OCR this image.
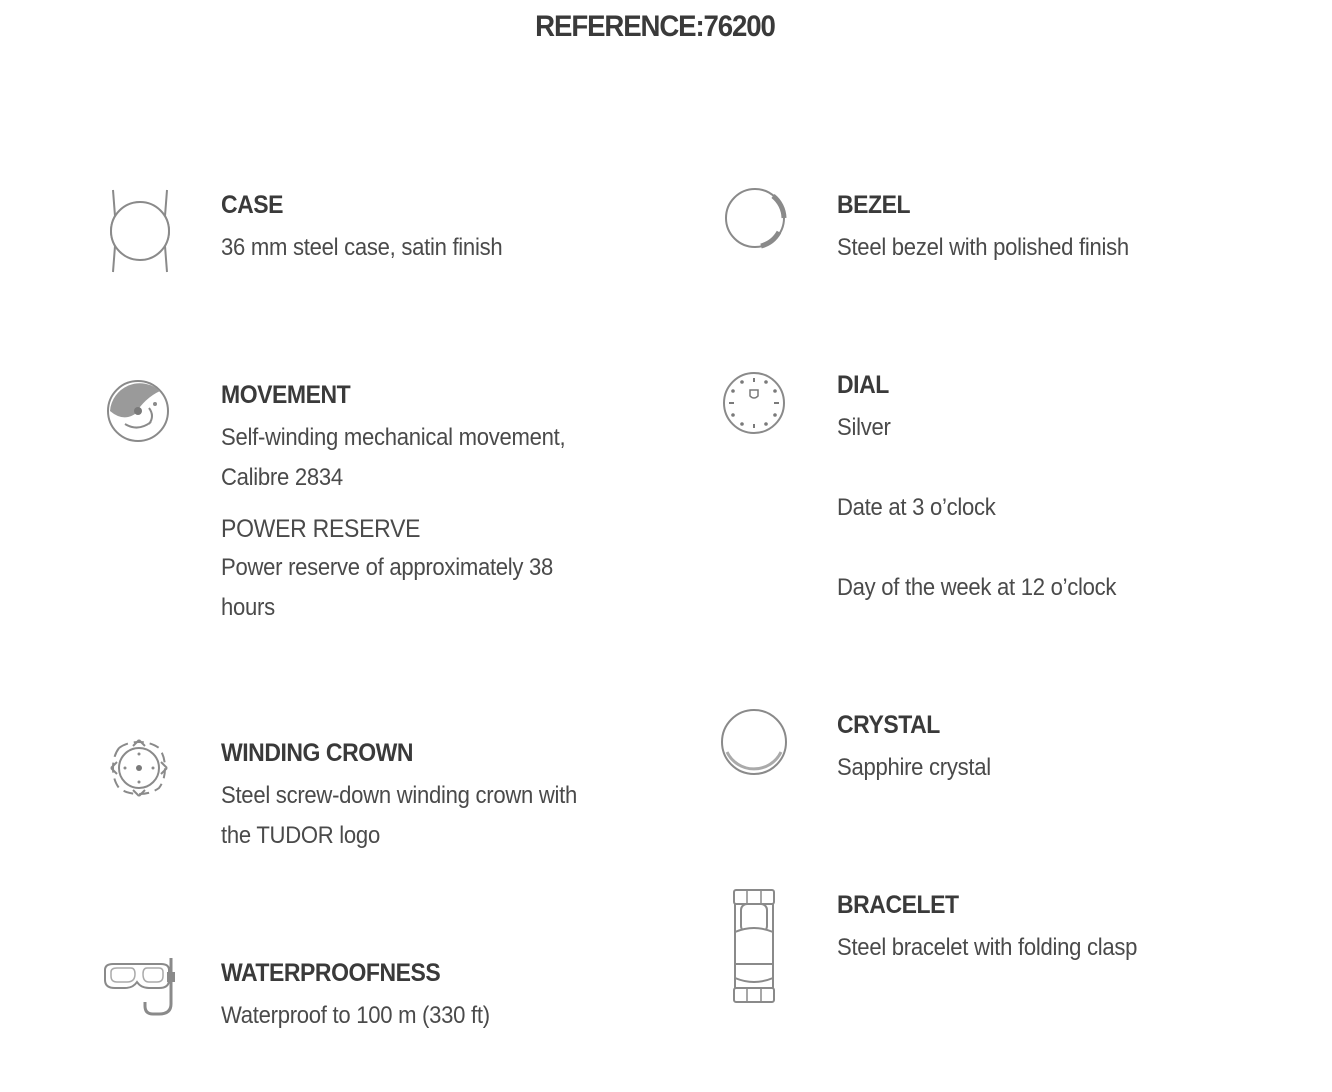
REFERENCE:76200
CASE

36 mm steel case, satin finish

BEZEL

Steel bezel with polished finish

MOVEMENT

Self-winding mechanical movement,
Calibre 2834

POWER RESERVE

Power reserve of approximately 38
hours

DIAL

Silver

Date at 3 o’clock

Day of the week at 12 o’clock

WINDING CROWN

Steel screw-down winding crown with
the TUDOR logo

CRYSTAL

Sapphire crystal

WATERPROOFNESS

Waterproof to 100 m (330 ft)

BRACELET

Steel bracelet with folding clasp
